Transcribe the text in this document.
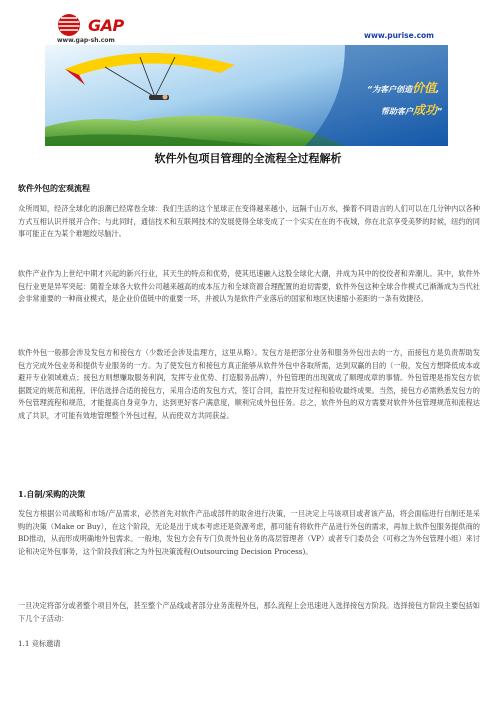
GAP
www.gap-sh.com
www.purise.com
“为客户创造价值,
帮助客户成功”
软件外包项目管理的全流程全过程解析
软件外包的宏观流程

众所周知，经济全球化的浪潮已经席卷全球：我们生活的这个星球正在变得越来越小，远隔千山万水，操着不同语言的人们可以在几分钟内以各种方式互相认识并展开合作；与此同时，通信技术和互联网技术的发展使得全球变成了一个实实在在的不夜城，你在北京享受美梦的时候，纽约的同事可能正在为某个难题绞尽脑汁。

软件产业作为上世纪中期才兴起的新兴行业，其天生的特点和优势，使其迅速融入这股全球化大潮，并成为其中的佼佼者和弄潮儿。其中，软件外包行业更是异军突起：随着全球各大软件公司越来越高的成本压力和全球资源合理配置的迫切需要，软件外包这种全球合作模式已渐渐成为当代社会非常重要的一种商业模式，是企业价值链中的重要一环，并被认为是软件产业落后的国家和地区快速缩小差距的一条有效捷径。

软件外包一般都会涉及发包方和接包方（少数还会涉及监理方，这里从略）。发包方是把部分业务和服务外包出去的一方，而接包方是负责帮助发包方完成外包业务和提供专业服务的一方。为了使发包方和接包方真正能够从软件外包中各取所需，达到双赢的目的（一般，发包方想降低成本或避开专业领域难点；接包方则想赚取服务利润，发挥专业优势、打造服务品牌），外包管理的出现就成了顺理成章的事情。外包管理是指发包方依据既定的规范和流程，评估选择合适的接包方，采用合适的发包方式，签订合同，监控开发过程和验收最终成果。当然，接包方必需熟悉发包方的外包管理流程和规范，才能提高自身竞争力，达到更好客户满意度，顺利完成外包任务。总之，软件外包的双方需要对软件外包管理规范和流程达成了共识，才可能有效地管理整个外包过程，从而使双方共同获益。

1.自制/采购的决策

发包方根据公司战略和市场/产品需求，必然首先对软件产品或部件的取舍进行决策，一旦决定上马该项目或者该产品，将会面临进行自制还是采购的决策（Make or Buy），在这个阶段，无论是出于成本考虑还是资源考虑，都可能有将软件产品进行外包的需求，再加上软件包服务提供商的BD推动，从而形成明确地外包需求。一般地，发包方会有专门负责外包业务的高层管理者（VP）或者专门委员会（可称之为外包管理小组）来讨论和决定外包事务，这个阶段我们称之为外包决策流程(Outsourcing Decision Process)。

一旦决定将部分或者整个项目外包，甚至整个产品线或者部分业务流程外包，那么流程上会迅速进入选择接包方阶段。选择接包方阶段主要包括如下几个子活动：

1.1 竞标邀请
